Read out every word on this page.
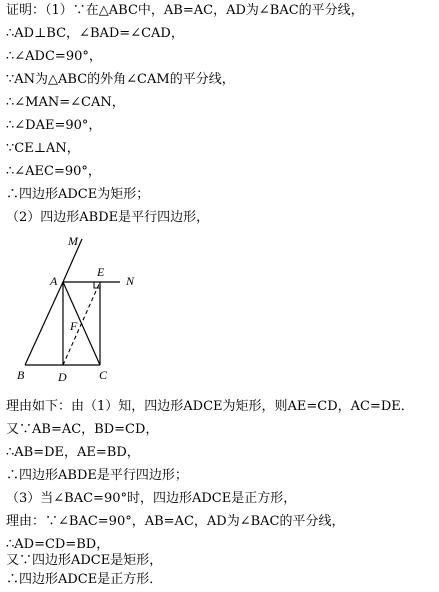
证明：（1）∵在△ABC中，AB=AC，AD为∠BAC的平分线，
∴AD⊥BC，∠BAD=∠CAD，
∴∠ADC=90°，
∵AN为△ABC的外角∠CAM的平分线，
∴∠MAN=∠CAN，
∴∠DAE=90°，
∵CE⊥AN，
∴∠AEC=90°，
∴四边形ADCE为矩形；
（2）四边形ABDE是平行四边形，
M
A
E
N
F
B	D	C
理由如下：由（1）知，四边形ADCE为矩形，则AE=CD，AC=DE．
又∵AB=AC，BD=CD，
∴AB=DE，AE=BD，
∴四边形ABDE是平行四边形；
（3）当∠BAC=90°时，四边形ADCE是正方形，
理由：∵∠BAC=90°，AB=AC，AD为∠BAC的平分线，
∴AD=CD=BD，
又∵四边形ADCE是矩形，
∴四边形ADCE是正方形．
